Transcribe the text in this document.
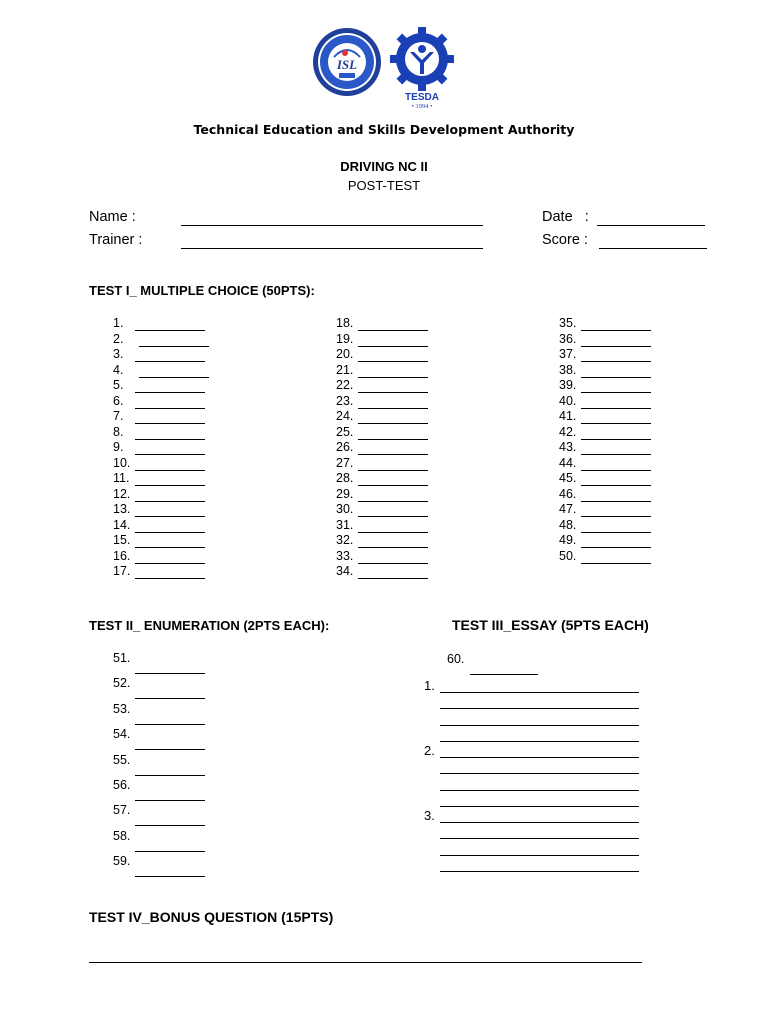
ISL
TESDA
• 1994 •
Technical Education and Skills Development Authority
DRIVING NC II
POST-TEST
Name :
Trainer :
Date   :
Score :
TEST I_ MULTIPLE CHOICE (50PTS):
1.
2.
3.
4.
5.
6.
7.
8.
9.
10.
11.
12.
13.
14.
15.
16.
17.
18.
19.
20.
21.
22.
23.
24.
25.
26.
27.
28.
29.
30.
31.
32.
33.
34.
35.
36.
37.
38.
39.
40.
41.
42.
43.
44.
45.
46.
47.
48.
49.
50.
TEST II_ ENUMERATION (2PTS EACH):
51.
52.
53.
54.
55.
56.
57.
58.
59.
TEST III_ESSAY (5PTS EACH)
60.
1.
2.
3.
TEST IV_BONUS QUESTION (15PTS)
